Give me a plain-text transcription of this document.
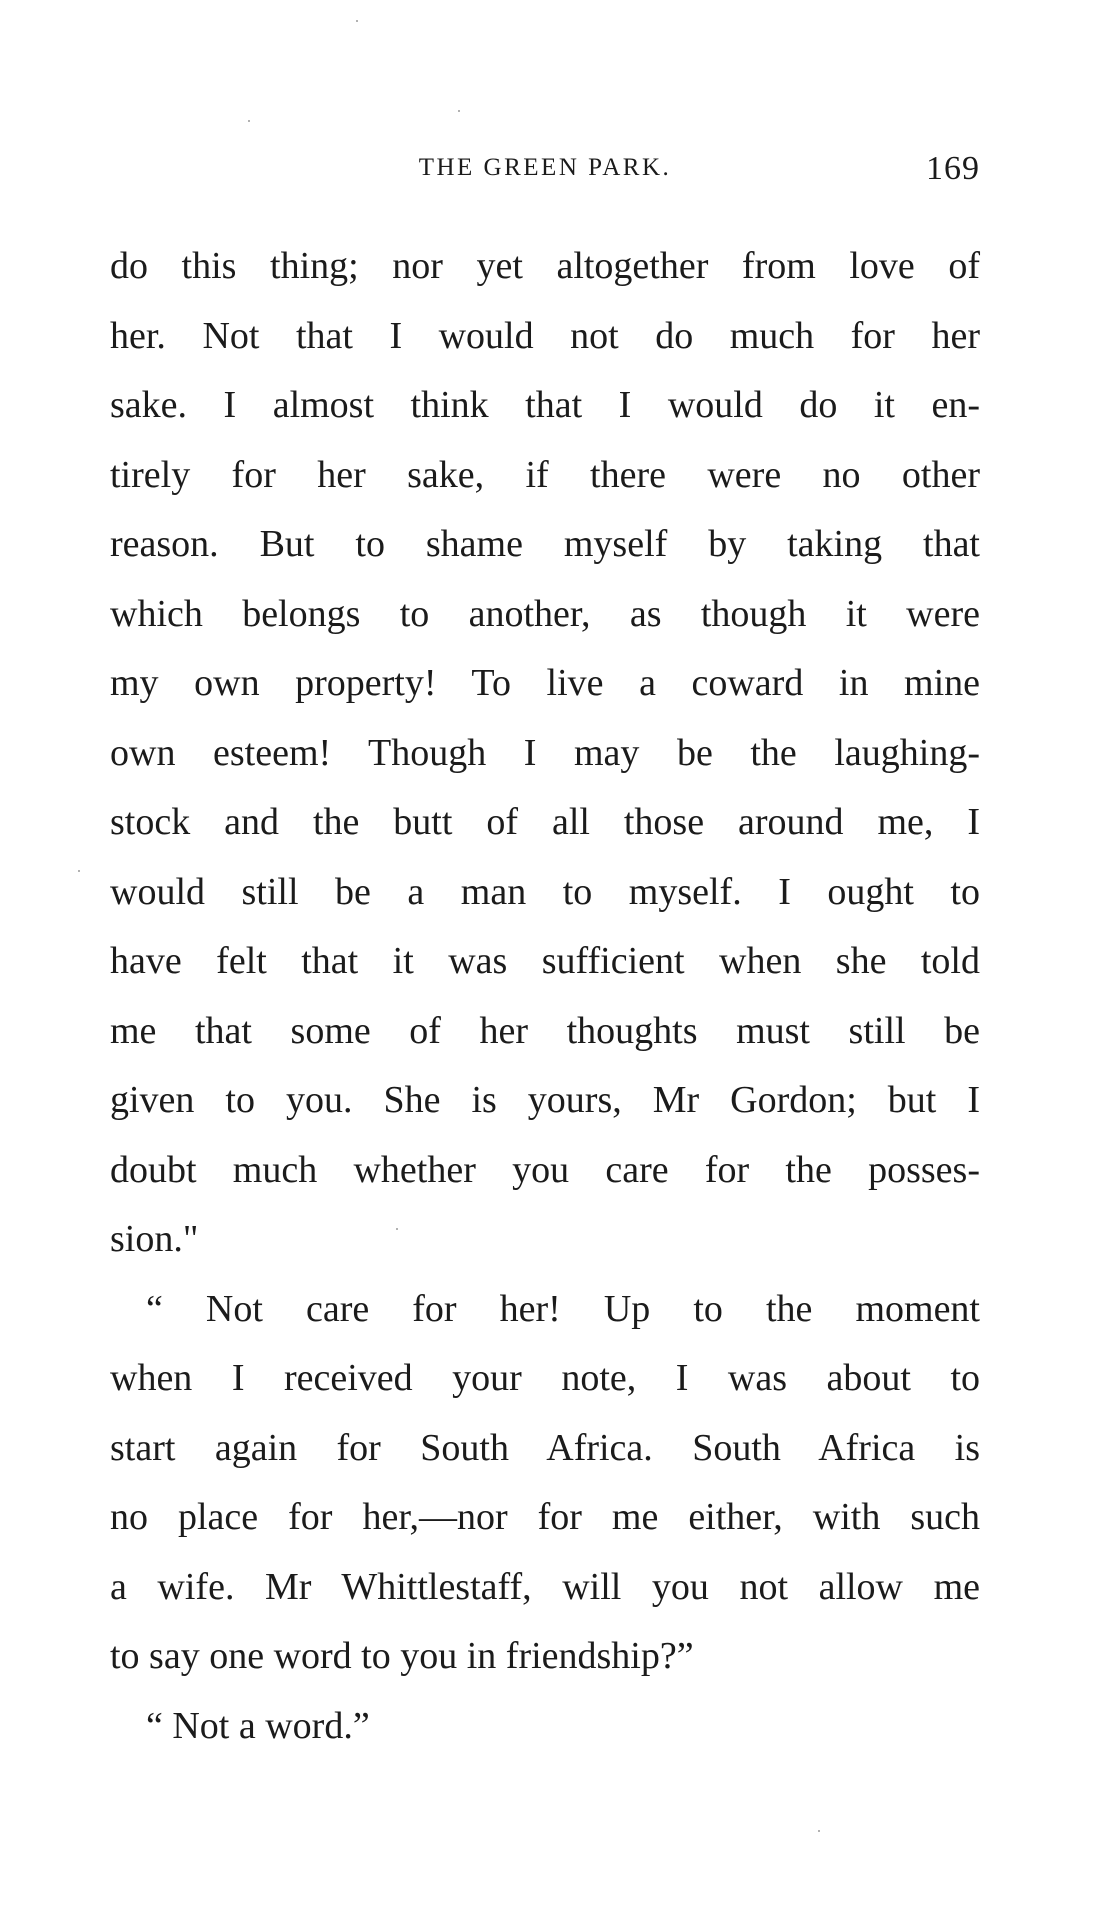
THE GREEN PARK.	169
do this thing; nor yet altogether from love of
her. Not that I would not do much for her
sake. I almost think that I would do it en-
tirely for her sake, if there were no other
reason. But to shame myself by taking that
which belongs to another, as though it were
my own property! To live a coward in mine
own esteem! Though I may be the laughing-
stock and the butt of all those around me, I
would still be a man to myself. I ought to
have felt that it was sufficient when she told
me that some of her thoughts must still be
given to you. She is yours, Mr Gordon; but I
doubt much whether you care for the posses-
sion."
“ Not care for her! Up to the moment
when I received your note, I was about to
start again for South Africa. South Africa is
no place for her,—nor for me either, with such
a wife. Mr Whittlestaff, will you not allow me
to say one word to you in friendship?”
“ Not a word.”
